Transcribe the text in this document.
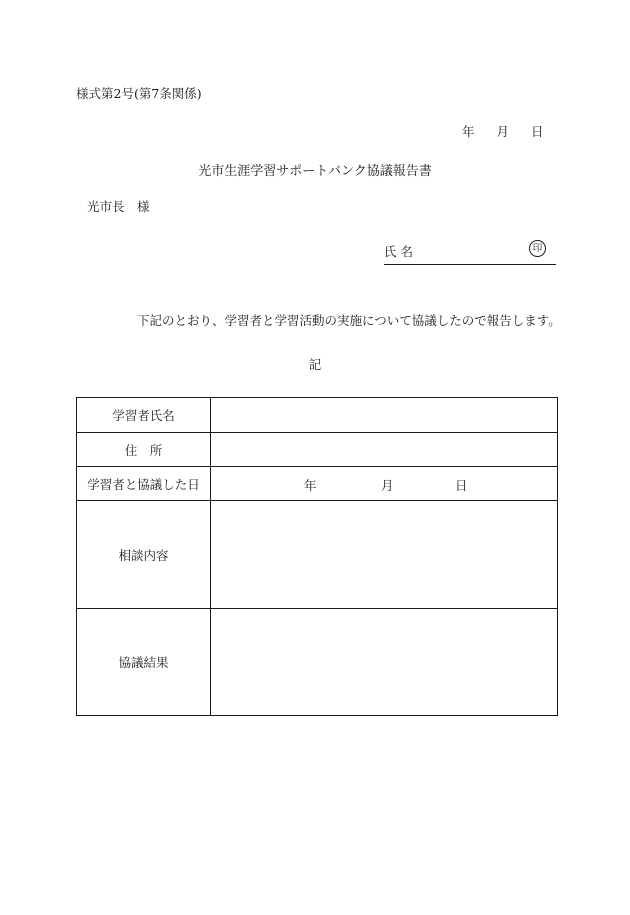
様式第2号(第7条関係)
年 月 日
光市生涯学習サポートバンク協議報告書
光市長　様
氏 名	印
下記のとおり、学習者と学習活動の実施について協議したので報告します。
記
学習者氏名	
住　所	
学習者と協議した日	年 月 日

相談内容	
協議結果	
